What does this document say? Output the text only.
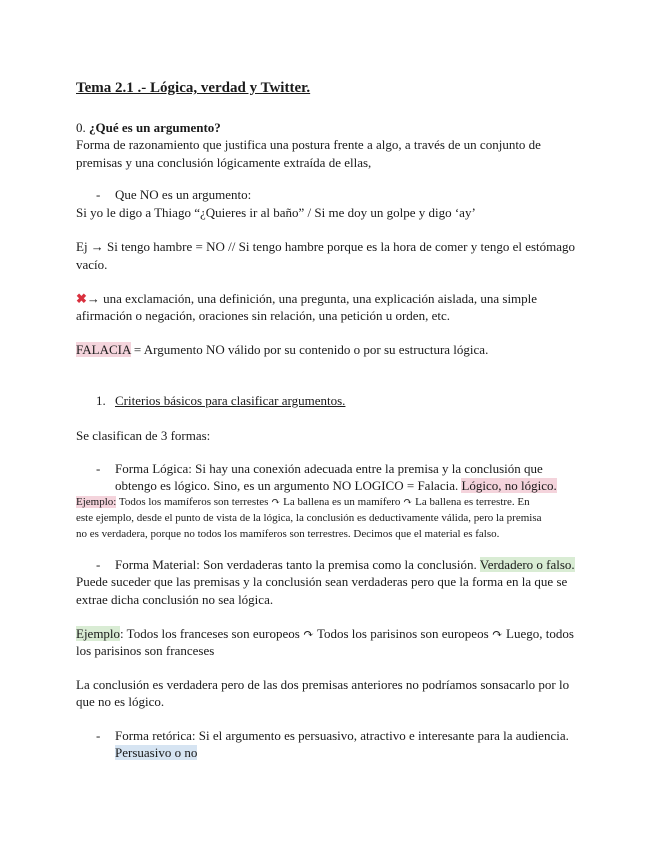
Tema 2.1 .- Lógica, verdad y Twitter.
0. ¿Qué es un argumento?
Forma de razonamiento que justifica una postura frente a algo, a través de un conjunto de
premisas y una conclusión lógicamente extraída de ellas,
- Que NO es un argumento:
Si yo le digo a Thiago “¿Quieres ir al baño” / Si me doy un golpe y digo ‘ay’
Ej → Si tengo hambre = NO // Si tengo hambre porque es la hora de comer y tengo el estómago
vacío.
✖→ una exclamación, una definición, una pregunta, una explicación aislada, una simple
afirmación o negación, oraciones sin relación, una petición u orden, etc.
FALACIA = Argumento NO válido por su contenido o por su estructura lógica.
1. Criterios básicos para clasificar argumentos.
Se clasifican de 3 formas:
- Forma Lógica: Si hay una conexión adecuada entre la premisa y la conclusión que
obtengo es lógico. Sino, es un argumento NO LOGICO = Falacia. Lógico, no lógico.
Ejemplo: Todos los mamíferos son terrestes ↷ La ballena es un mamífero ↷ La ballena es terrestre. En
este ejemplo, desde el punto de vista de la lógica, la conclusión es deductivamente válida, pero la premisa
no es verdadera, porque no todos los mamíferos son terrestres. Decimos que el material es falso.
- Forma Material: Son verdaderas tanto la premisa como la conclusión. Verdadero o falso.
Puede suceder que las premisas y la conclusión sean verdaderas pero que la forma en la que se
extrae dicha conclusión no sea lógica.
Ejemplo: Todos los franceses son europeos ↷ Todos los parisinos son europeos ↷ Luego, todos
los parisinos son franceses
La conclusión es verdadera pero de las dos premisas anteriores no podríamos sonsacarlo por lo
que no es lógico.
- Forma retórica: Si el argumento es persuasivo, atractivo e interesante para la audiencia.
Persuasivo o no
